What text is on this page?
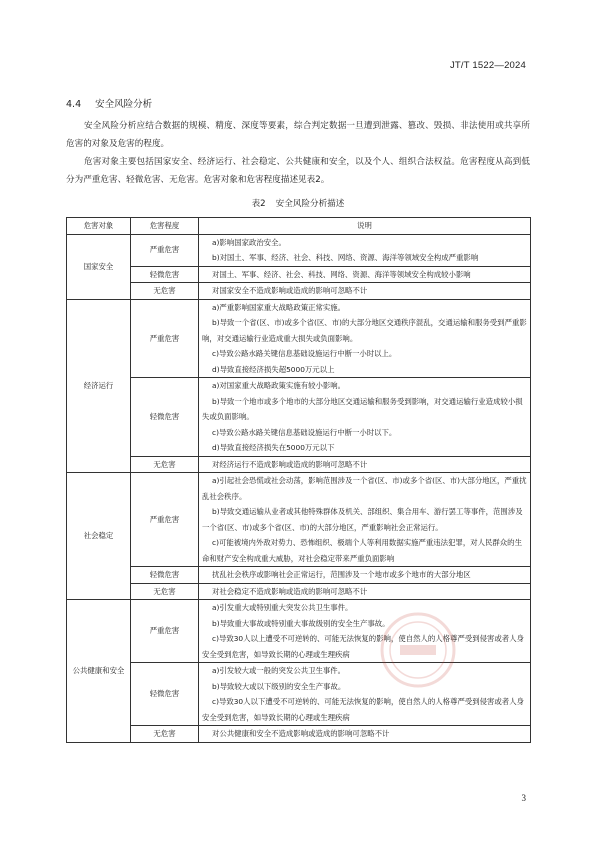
JT/T 1522—2024
4.4 安全风险分析

安全风险分析应结合数据的规模、精度、深度等要素，综合判定数据一旦遭到泄露、篡改、毁损、非法使用或共享所危害的对象及危害的程度。

危害对象主要包括国家安全、经济运行、社会稳定、公共健康和安全，以及个人、组织合法权益。危害程度从高到低分为严重危害、轻微危害、无危害。危害对象和危害程度描述见表2。

表2 安全风险分析描述

危害对象	危害程度	说明
国家安全	严重危害	a)影响国家政治安全。
b)对国土、军事、经济、社会、科技、网络、资源、海洋等领域安全构成严重影响

	轻微危害	对国土、军事、经济、社会、科技、网络、资源、海洋等领域安全构成较小影响

	无危害	对国家安全不造成影响或造成的影响可忽略不计

经济运行	严重危害	a)严重影响国家重大战略政策正常实施。
b)导致一个省(区、市)或多个省(区、市)的大部分地区交通秩序混乱，交通运输和服务受到严重影响，对交通运输行业造成重大损失或负面影响。
c)导致公路水路关键信息基础设施运行中断一小时以上。
d)导致直接经济损失超5000万元以上

	轻微危害	a)对国家重大战略政策实施有较小影响。
b)导致一个地市或多个地市的大部分地区交通运输和服务受到影响，对交通运输行业造成较小损失或负面影响。
c)导致公路水路关键信息基础设施运行中断一小时以下。
d)导致直接经济损失在5000万元以下

	无危害	对经济运行不造成影响或造成的影响可忽略不计

社会稳定	严重危害	a)引起社会恐慌或社会动荡，影响范围涉及一个省(区、市)或多个省(区、市)大部分地区，严重扰乱社会秩序。
b)导致交通运输从业者或其他特殊群体及机关、部组织、集合用车、游行罢工等事件，范围涉及一个省(区、市)或多个省(区、市)的大部分地区，严重影响社会正常运行。
c)可能被境内外敌对势力、恐怖组织、极端个人等利用数据实施严重违法犯罪，对人民群众的生命和财产安全构成重大威胁，对社会稳定带来严重负面影响

	轻微危害	扰乱社会秩序或影响社会正常运行，范围涉及一个地市或多个地市的大部分地区

	无危害	对社会稳定不造成影响或造成的影响可忽略不计

公共健康和安全	严重危害	a)引发重大或特别重大突发公共卫生事件。
b)导致重大事故或特别重大事故级别的安全生产事故。
c)导致30人以上遭受不可逆转的、可能无法恢复的影响，使自然人的人格尊严受到侵害或者人身安全受到危害，如导致长期的心理或生理疾病

	轻微危害	a)引发较大或一般的突发公共卫生事件。
b)导致较大或以下级别的安全生产事故。
c)导致30人以下遭受不可逆转的、可能无法恢复的影响，使自然人的人格尊严受到侵害或者人身安全受到危害，如导致长期的心理或生理疾病

	无危害	对公共健康和安全不造成影响或造成的影响可忽略不计
3
